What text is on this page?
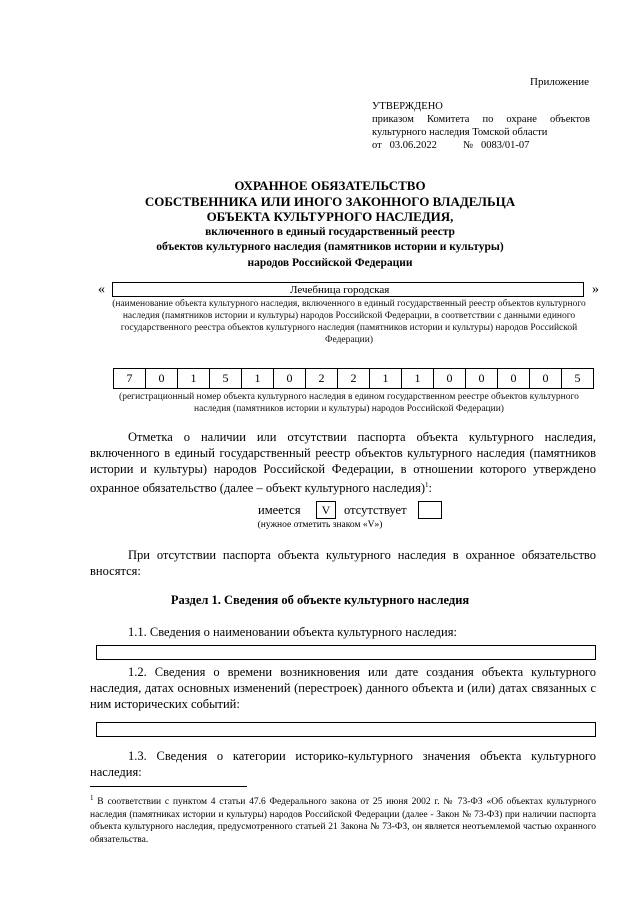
Приложение
УТВЕРЖДЕНО
приказом Комитета по охране объектов
культурного наследия Томской области
от 03.06.2022	№ 0083/01-07
ОХРАННОЕ ОБЯЗАТЕЛЬСТВО
СОБСТВЕННИКА ИЛИ ИНОГО ЗАКОННОГО ВЛАДЕЛЬЦА
ОБЪЕКТА КУЛЬТУРНОГО НАСЛЕДИЯ,
включенного в единый государственный реестр
объектов культурного наследия (памятников истории и культуры)
народов Российской Федерации
«	Лечебница городская	»
(наименование объекта культурного наследия, включенного в единый государственный реестр объектов культурного наследия (памятников истории и культуры) народов Российской Федерации, в соответствии с данными единого государственного реестра объектов культурного наследия (памятников истории и культуры) народов Российской Федерации)
7	0	1	5	1	0	2	2	1	1	0	0	0	0	5
(регистрационный номер объекта культурного наследия в едином государственном реестре объектов культурного наследия (памятников истории и культуры) народов Российской Федерации)
Отметка о наличии или отсутствии паспорта объекта культурного наследия, включенного в единый государственный реестр объектов культурного наследия (памятников истории и культуры) народов Российской Федерации, в отношении которого утверждено охранное обязательство (далее – объект культурного наследия)$^1$:
имеется	V	отсутствует
(нужное отметить знаком «V»)
При отсутствии паспорта объекта культурного наследия в охранное обязательство вносятся:
Раздел 1. Сведения об объекте культурного наследия
1.1. Сведения о наименовании объекта культурного наследия:
1.2. Сведения о времени возникновения или дате создания объекта культурного наследия, датах основных изменений (перестроек) данного объекта и (или) датах связанных с ним исторических событий:
1.3. Сведения о категории историко-культурного значения объекта культурного наследия:
$^1$ В соответствии с пунктом 4 статьи 47.6 Федерального закона от 25 июня 2002 г. № 73-ФЗ «Об объектах культурного наследия (памятниках истории и культуры) народов Российской Федерации (далее - Закон № 73-ФЗ) при наличии паспорта объекта культурного наследия, предусмотренного статьей 21 Закона № 73-ФЗ, он является неотъемлемой частью охранного обязательства.
